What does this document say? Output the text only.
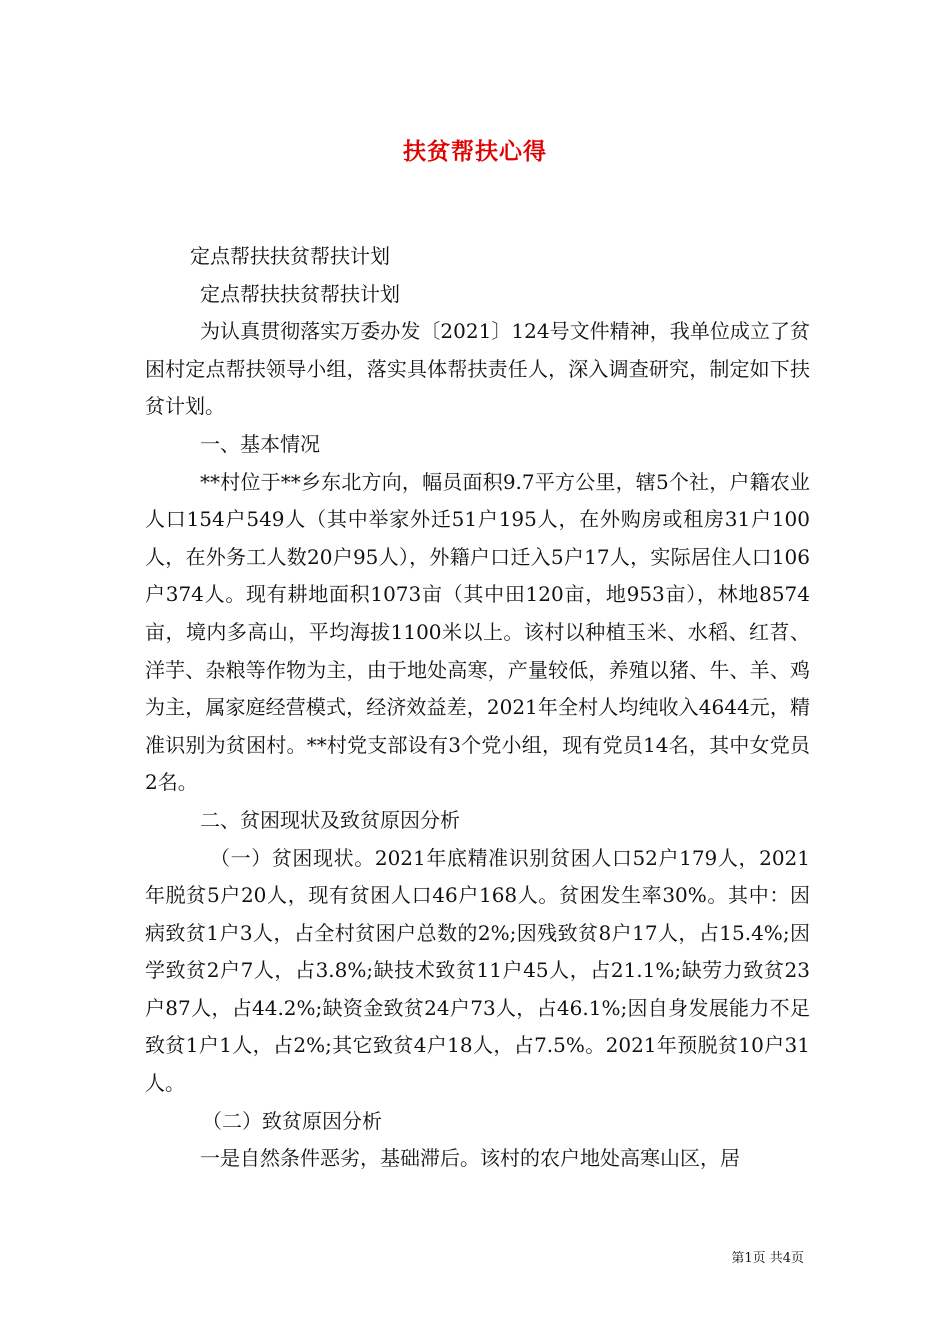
扶贫帮扶心得

定点帮扶扶贫帮扶计划

定点帮扶扶贫帮扶计划

为认真贯彻落实万委办发〔2021〕124号文件精神，我单位成立了贫困村定点帮扶领导小组，落实具体帮扶责任人，深入调查研究，制定如下扶贫计划。

一、基本情况

**村位于**乡东北方向，幅员面积9.7平方公里，辖5个社，户籍农业人口154户549人（其中举家外迁51户195人，在外购房或租房31户100人，在外务工人数20户95人），外籍户口迁入5户17人，实际居住人口106户374人。现有耕地面积1073亩（其中田120亩，地953亩），林地8574亩，境内多高山，平均海拔1100米以上。该村以种植玉米、水稻、红苕、洋芋、杂粮等作物为主，由于地处高寒，产量较低，养殖以猪、牛、羊、鸡为主，属家庭经营模式，经济效益差，2021年全村人均纯收入4644元，精准识别为贫困村。**村党支部设有3个党小组，现有党员14名，其中女党员2名。

二、贫困现状及致贫原因分析

（一）贫困现状。2021年底精准识别贫困人口52户179人，2021年脱贫5户20人，现有贫困人口46户168人。贫困发生率30%。其中：因病致贫1户3人，占全村贫困户总数的2%;因残致贫8户17人，占15.4%;因学致贫2户7人，占3.8%;缺技术致贫11户45人，占21.1%;缺劳力致贫23户87人，占44.2%;缺资金致贫24户73人，占46.1%;因自身发展能力不足致贫1户1人，占2%;其它致贫4户18人，占7.5%。2021年预脱贫10户31人。

（二）致贫原因分析

一是自然条件恶劣，基础滞后。该村的农户地处高寒山区，居

第1页 共4页
